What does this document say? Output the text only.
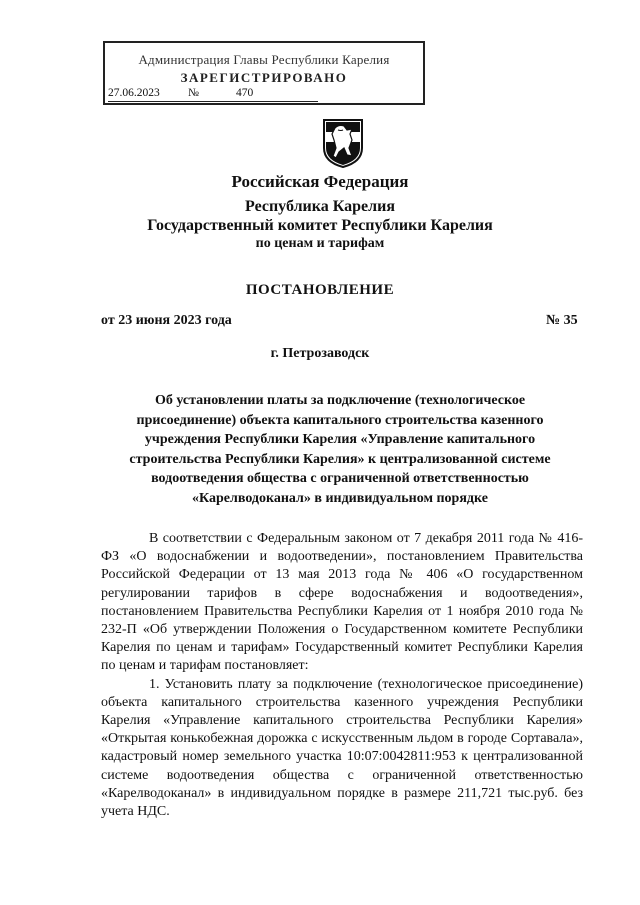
Администрация Главы Республики Карелия
ЗАРЕГИСТРИРОВАНО
27.06.2023 №	470
Российская Федерация
Республика Карелия
Государственный комитет Республики Карелия
по ценам и тарифам
ПОСТАНОВЛЕНИЕ
от 23 июня 2023 года	№ 35
г. Петрозаводск
Об установлении платы за подключение (технологическое
присоединение) объекта капитального строительства казенного
учреждения Республики Карелия «Управление капитального
строительства Республики Карелия» к централизованной системе
водоотведения общества с ограниченной ответственностью
«Карелводоканал» в индивидуальном порядке

В соответствии с Федеральным законом от 7 декабря 2011 года № 416-ФЗ «О водоснабжении и водоотведении», постановлением Правительства Российской Федерации от 13 мая 2013 года № 406 «О государственном регулировании тарифов в сфере водоснабжения и водоотведения», постановлением Правительства Республики Карелия от 1 ноября 2010 года № 232-П «Об утверждении Положения о Государственном комитете Республики Карелия по ценам и тарифам» Государственный комитет Республики Карелия по ценам и тарифам постановляет:

1. Установить плату за подключение (технологическое присоединение) объекта капитального строительства казенного учреждения Республики Карелия «Управление капитального строительства Республики Карелия» «Открытая конькобежная дорожка с искусственным льдом в городе Сортавала», кадастровый номер земельного участка 10:07:0042811:953 к централизованной системе водоотведения общества с ограниченной ответственностью «Карелводоканал» в индивидуальном порядке в размере 211,721 тыс.руб. без учета НДС.
